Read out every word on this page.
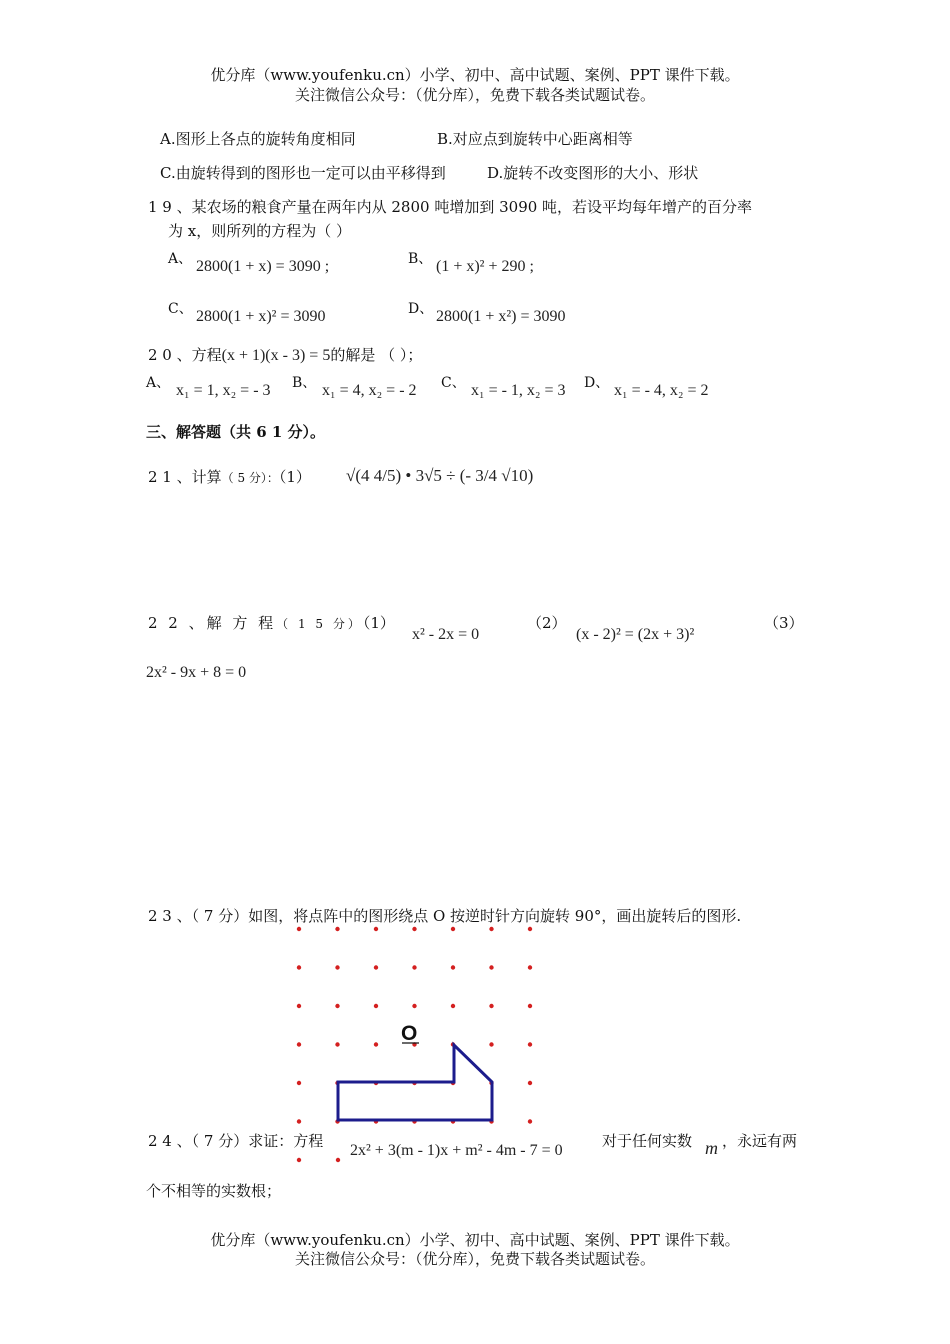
优分库（www.youfenku.cn）小学、初中、高中试题、案例、PPT 课件下载。
关注微信公众号：（优分库），免费下载各类试题试卷。
A.图形上各点的旋转角度相同	B.对应点到旋转中心距离相等
C.由旋转得到的图形也一定可以由平移得到	D.旋转不改变图形的大小、形状
1 9 、某农场的粮食产量在两年内从 2800 吨增加到 3090 吨，若设平均每年增产的百分率
为 x，则所列的方程为（ ）
A、 2800(1 + x) = 3090 ;	B、 (1 + x)² + 290 ;
C、 2800(1 + x)² = 3090	D、 2800(1 + x²) = 3090
2 0 、方程(x + 1)(x - 3) = 5的解是 （ ）；
A、 x₁ = 1, x₂ = - 3 B、 x₁ = 4, x₂ = - 2 C、 x₁ = - 1, x₂ = 3 D、 x₁ = - 4, x₂ = 2
三、解答题（共 6 1 分）。
2 1 、计算（ 5 分）：（1） √(4 4/5) • 3√5 ÷ (- 3/4 √10)
2 2 、解 方 程（ 1 5 分）（1）
x² - 2x = 0
（2）
(x - 2)² = (2x + 3)²
（3）
2x² - 9x + 8 = 0
2 3 、（ 7 分）如图，将点阵中的图形绕点 O 按逆时针方向旋转 90°，画出旋转后的图形.
O
2 4 、（ 7 分）求证：方程
2x² + 3(m - 1)x + m² - 4m - 7 = 0
对于任何实数 m ，永远有两
个不相等的实数根；
优分库（www.youfenku.cn）小学、初中、高中试题、案例、PPT 课件下载。
关注微信公众号：（优分库），免费下载各类试题试卷。
